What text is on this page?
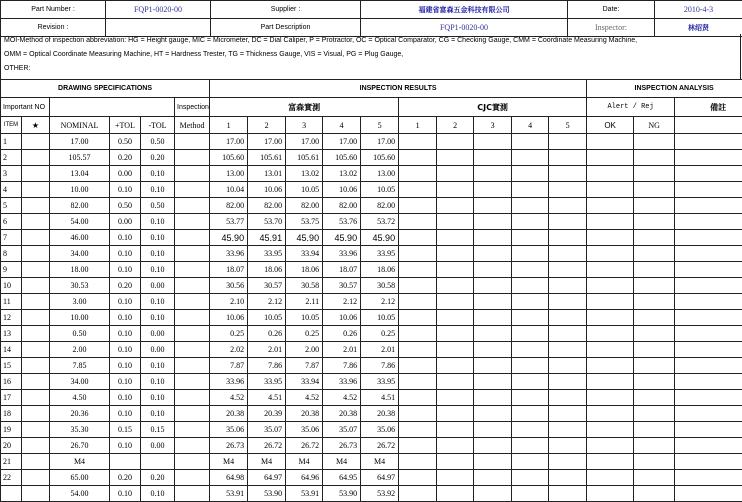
Part Number :	FQP1-0020-00	Supplier :	福建省富森五金科技有限公司	Date:	2010-4-3
Revision :		Part Description	FQP1-0020-00	Inspector:	林绍贤
MOI-Method of inspection abbreviation: HG = Height gauge, MIC = Micrometer, DC = Dial Caliper, P = Protractor, OC = Optical Comparator, CG = Checking Gauge, CMM = Coordinate Measuring Machine,
OMM = Optical Coordinate Measuring Machine, HT = Hardness Trester, TG = Thickness Gauge, VIS = Visual, PG = Plug Gauge,
OTHER:
DRAWING SPECIFICATIONS						INSPECTION RESULTS										INSPECTION ANALYSIS		
Important NO					Inspection	富森實測					CJC實測					Alert / Rej		備註
ITEM	★	NOMINAL	+TOL	-TOL	Method	1	2	3	4	5	1	2	3	4	5	OK	NG	
1		17.00	0.50	0.50		17.00	17.00	17.00	17.00	17.00								
2		105.57	0.20	0.20		105.60	105.61	105.61	105.60	105.60								
3		13.04	0.00	0.10		13.00	13.01	13.02	13.02	13.00								
4		10.00	0.10	0.10		10.04	10.06	10.05	10.06	10.05								
5		82.00	0.50	0.50		82.00	82.00	82.00	82.00	82.00								
6		54.00	0.00	0.10		53.77	53.70	53.75	53.76	53.72								
7		46.00	0.10	0.10		45.90	45.91	45.90	45.90	45.90								
8		34.00	0.10	0.10		33.96	33.95	33.94	33.96	33.95								
9		18.00	0.10	0.10		18.07	18.06	18.06	18.07	18.06								
10		30.53	0.20	0.00		30.56	30.57	30.58	30.57	30.58								
11		3.00	0.10	0.10		2.10	2.12	2.11	2.12	2.12								
12		10.00	0.10	0.10		10.06	10.05	10.05	10.06	10.05								
13		0.50	0.10	0.00		0.25	0.26	0.25	0.26	0.25								
14		2.00	0.10	0.00		2.02	2.01	2.00	2.01	2.01								
15		7.85	0.10	0.10		7.87	7.86	7.87	7.86	7.86								
16		34.00	0.10	0.10		33.96	33.95	33.94	33.96	33.95								
17		4.50	0.10	0.10		4.52	4.51	4.52	4.52	4.51								
18		20.36	0.10	0.10		20.38	20.39	20.38	20.38	20.38								
19		35.30	0.15	0.15		35.06	35.07	35.06	35.07	35.06								
20		26.70	0.10	0.00		26.73	26.72	26.72	26.73	26.72								
21		M4				M4	M4	M4	M4	M4								
22		65.00	0.20	0.20		64.98	64.97	64.96	64.95	64.97								
		54.00	0.10	0.10		53.91	53.90	53.91	53.90	53.92								
